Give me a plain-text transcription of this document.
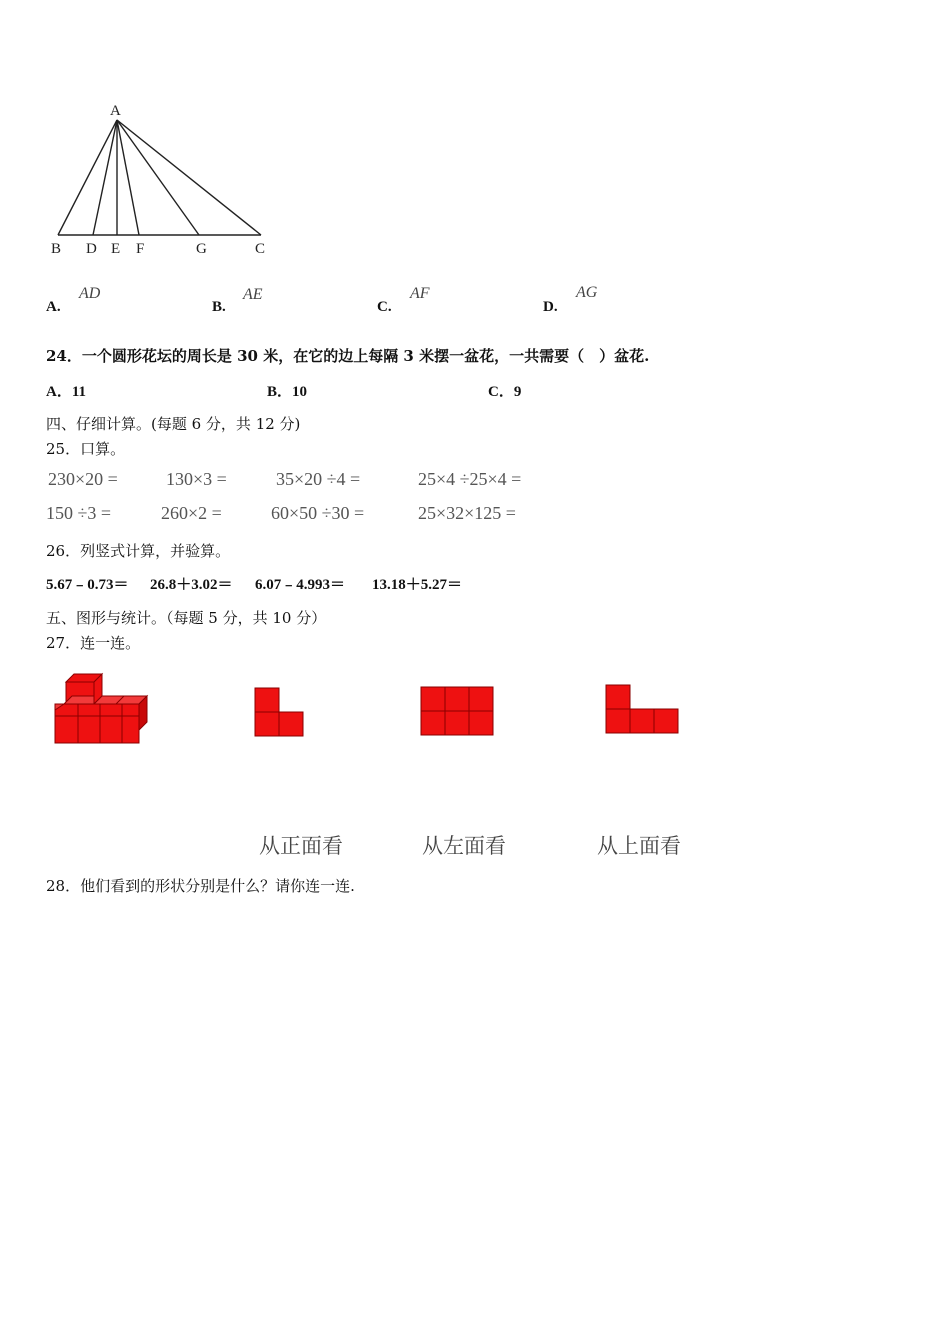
A
B D E F	G	C
A.
AD
B.
AE
C.
AF
D.
AG
24．一个圆形花坛的周长是 30 米，在它的边上每隔 3 米摆一盆花，一共需要（　）盆花.
A．11	B．10	C．9
四、仔细计算。(每题 6 分，共 12 分)
25．口算。
230×20 =	130×3 =	35×20 ÷4 =	25×4 ÷25×4 =
150 ÷3 =	260×2 =	60×50 ÷30 =	25×32×125 =
26．列竖式计算，并验算。
5.67﹣0.73＝ 26.8＋3.02＝ 6.07﹣4.993＝ 13.18＋5.27＝
五、图形与统计。（每题 5 分，共 10 分）
27．连一连。
从正面看	从左面看	从上面看
28．他们看到的形状分别是什么？请你连一连.
